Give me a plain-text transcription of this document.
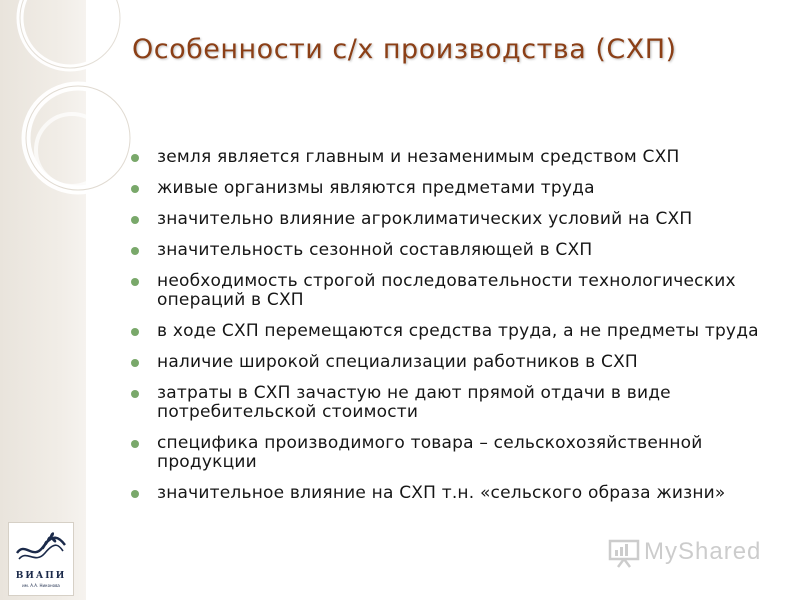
Особенности с/х производства (СХП)
земля является главным и незаменимым средством СХП
живые организмы являются предметами труда
значительно влияние агроклиматических условий на СХП
значительность сезонной составляющей в СХП
необходимость строгой последовательности технологических операций в СХП
в ходе СХП перемещаются средства труда, а не предметы труда
наличие широкой специализации работников в СХП
затраты в СХП зачастую не дают прямой отдачи в виде потребительской стоимости
специфика производимого товара – сельскохозяйственной продукции
значительное влияние на СХП т.н. «сельского образа жизни»
ВИАПИ
им. А.А. Никонова
MyShared
